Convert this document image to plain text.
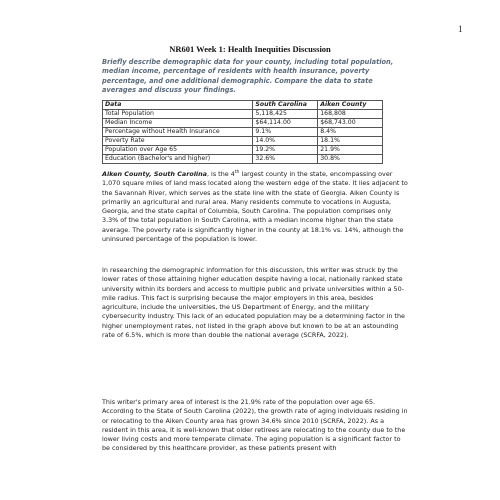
1
NR601 Week 1: Health Inequities Discussion
Briefly describe demographic data for your county, including total population, median income, percentage of residents with health insurance, poverty percentage, and one additional demographic. Compare the data to state averages and discuss your findings.
Data	South Carolina	Aiken County
Total Population	5,118,425	168,808
Median Income	$64,114.00	$68,743.00
Percentage without Health Insurance	9.1%	8.4%
Poverty Rate	14.0%	18.1%
Population over Age 65	19.2%	21.9%
Education (Bachelor's and higher)	32.6%	30.8%

Aiken County, South Carolina, is the 4th largest county in the state, encompassing over 1,070 square miles of land mass located along the western edge of the state. It lies adjacent to the Savannah River, which serves as the state line with the state of Georgia. Aiken County is primarily an agricultural and rural area. Many residents commute to vocations in Augusta, Georgia, and the state capital of Columbia, South Carolina. The population comprises only 3.3% of the total population in South Carolina, with a median income higher than the state average. The poverty rate is significantly higher in the county at 18.1% vs. 14%, although the uninsured percentage of the population is lower.

In researching the demographic information for this discussion, this writer was struck by the lower rates of those attaining higher education despite having a local, nationally ranked state university within its borders and access to multiple public and private universities within a 50-mile radius. This fact is surprising because the major employers in this area, besides agriculture, include the universities, the US Department of Energy, and the military cybersecurity industry. This lack of an educated population may be a determining factor in the higher unemployment rates, not listed in the graph above but known to be at an astounding rate of 6.5%, which is more than double the national average (SCRFA, 2022).

This writer's primary area of interest is the 21.9% rate of the population over age 65. According to the State of South Carolina (2022), the growth rate of aging individuals residing in or relocating to the Aiken County area has grown 34.6% since 2010 (SCRFA, 2022). As a resident in this area, it is well-known that older retirees are relocating to the county due to the lower living costs and more temperate climate. The aging population is a significant factor to be considered by this healthcare provider, as these patients present with
